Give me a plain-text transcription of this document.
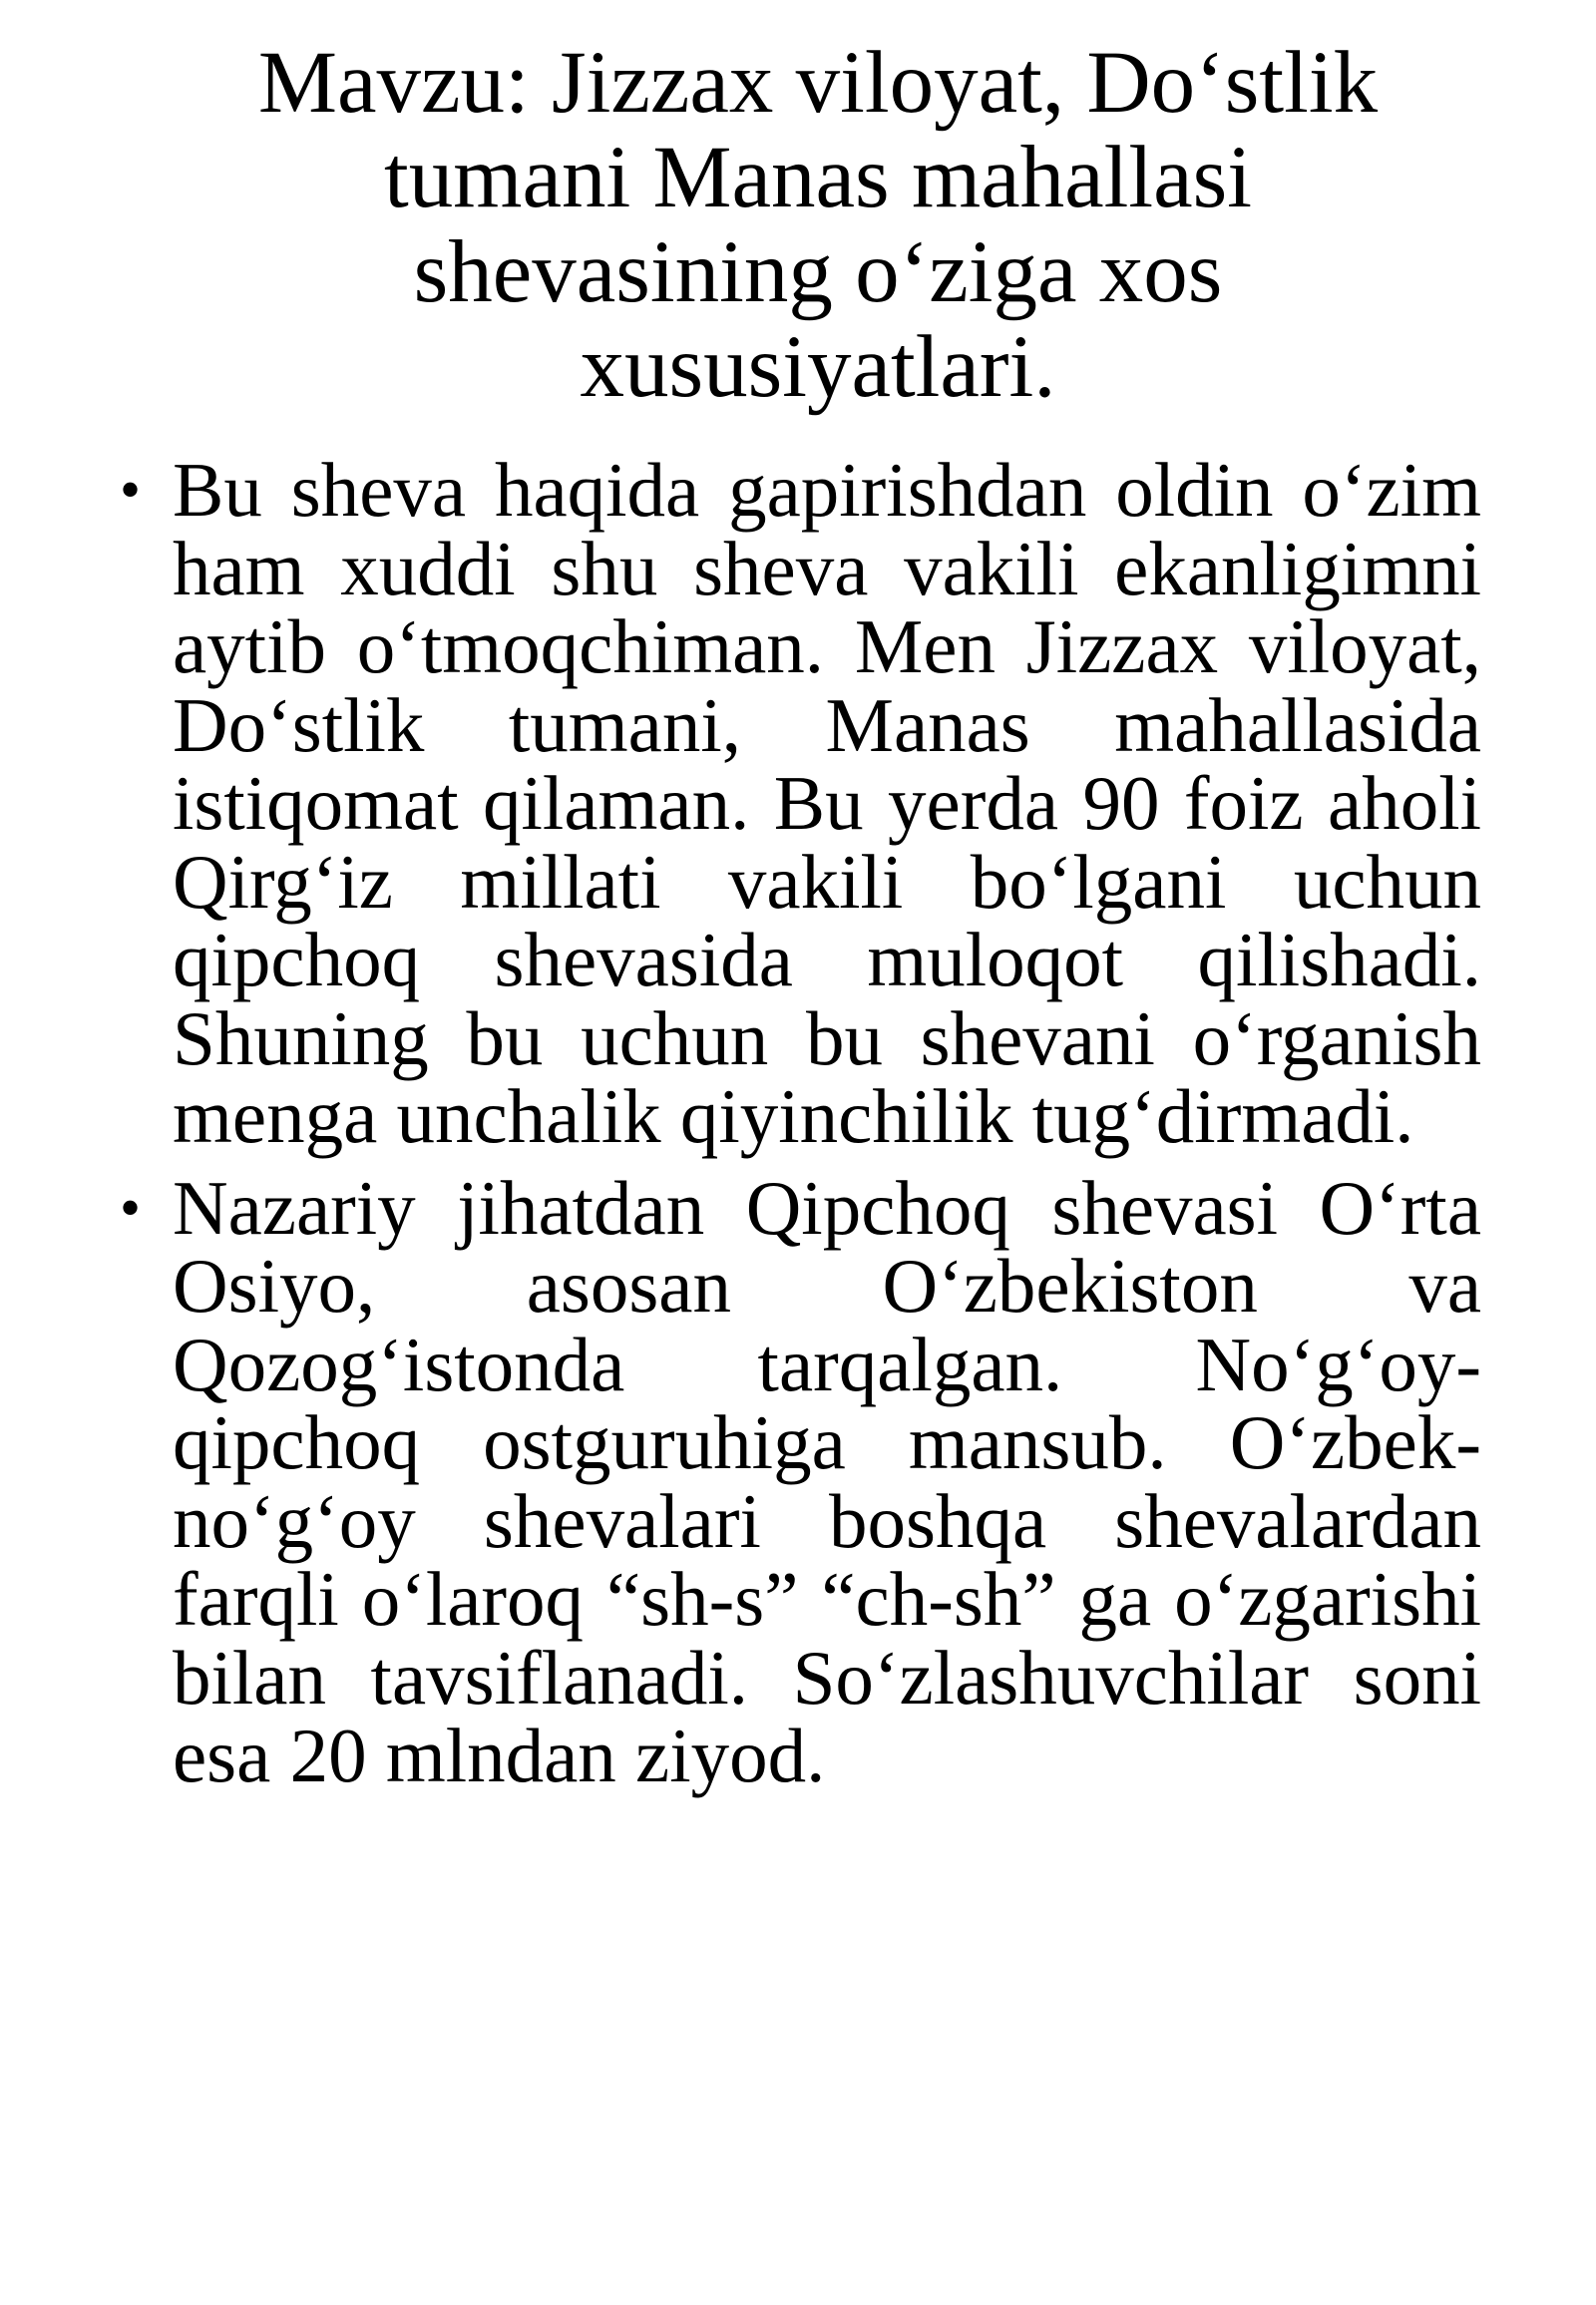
Mavzu: Jizzax viloyat, Do‘stlik tumani Manas mahallasi shevasining o‘ziga xos xususiyatlari.
• Bu sheva haqida gapirishdan oldin o‘zim ham xuddi shu sheva vakili ekanligimni aytib o‘tmoqchiman. Men Jizzax viloyat, Do‘stlik tumani, Manas mahallasida istiqomat qilaman. Bu yerda 90 foiz aholi Qirg‘iz millati vakili bo‘lgani uchun qipchoq shevasida muloqot qilishadi. Shuning bu uchun bu shevani o‘rganish menga unchalik qiyinchilik tug‘dirmadi.
• Nazariy jihatdan Qipchoq shevasi O‘rta Osiyo, asosan O‘zbekiston va Qozog‘istonda tarqalgan. No‘g‘oy-qipchoq ostguruhiga mansub. O‘zbek-no‘g‘oy shevalari boshqa shevalardan farqli o‘laroq “sh-s” “ch-sh” ga o‘zgarishi bilan tavsiflanadi. So‘zlashuvchilar soni esa 20 mlndan ziyod.
